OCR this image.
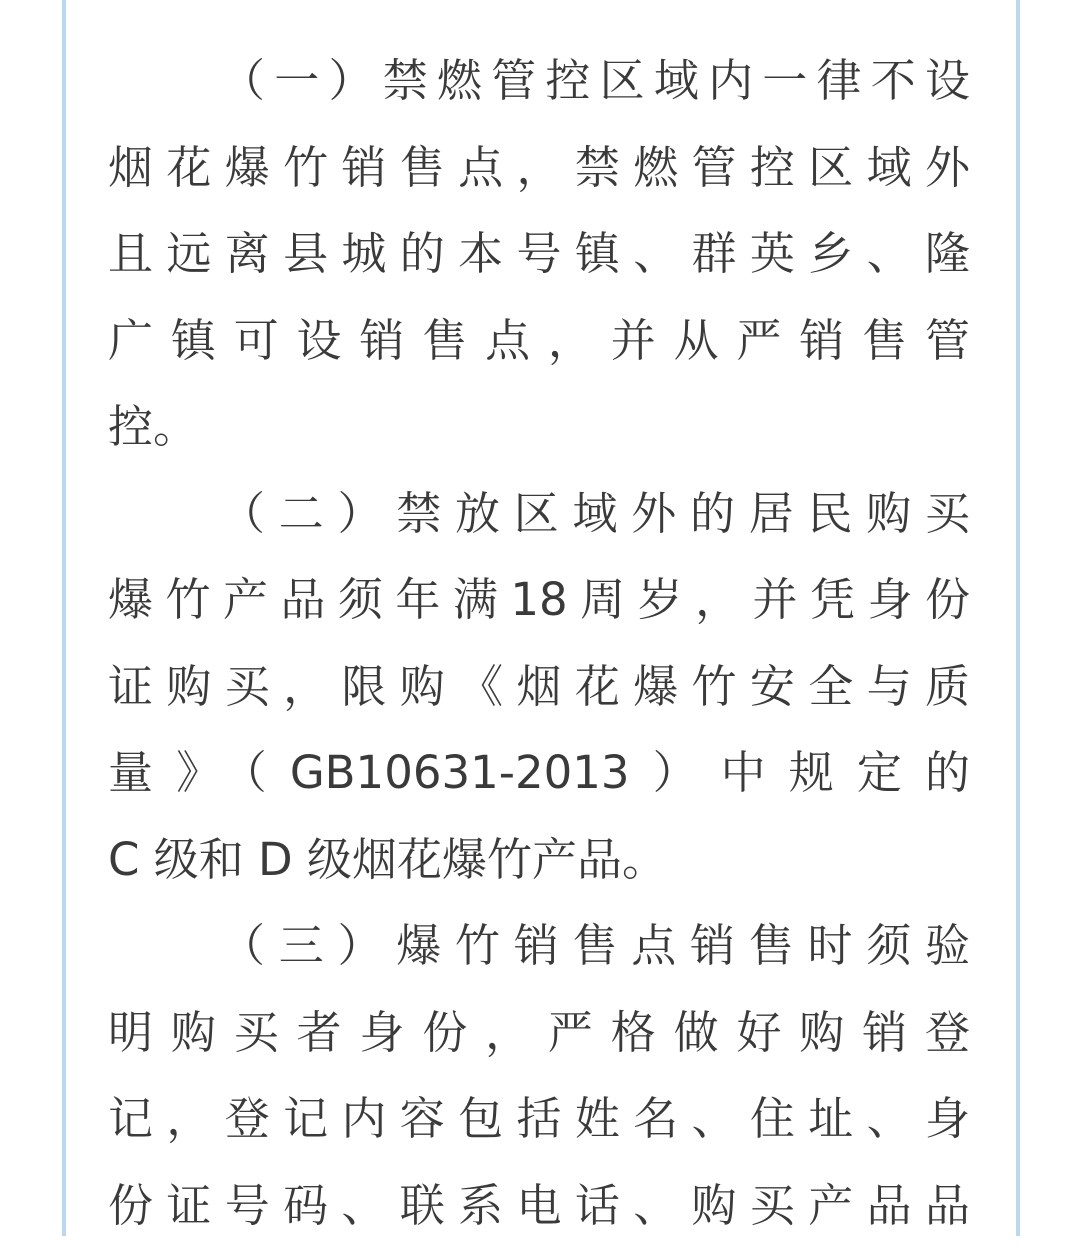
（一）禁燃管控区域内一律不设
烟花爆竹销售点，禁燃管控区域外
且远离县城的本号镇、群英乡、隆
广镇可设销售点，并从严销售管
控。
（二）禁放区域外的居民购买
爆竹产品须年满18周岁，并凭身份
证购买，限购《烟花爆竹安全与质
量》（GB10631-2013）中规定的
C 级和 D 级烟花爆竹产品。
（三）爆竹销售点销售时须验
明购买者身份，严格做好购销登
记，登记内容包括姓名、住址、身
份证号码、联系电话、购买产品品
